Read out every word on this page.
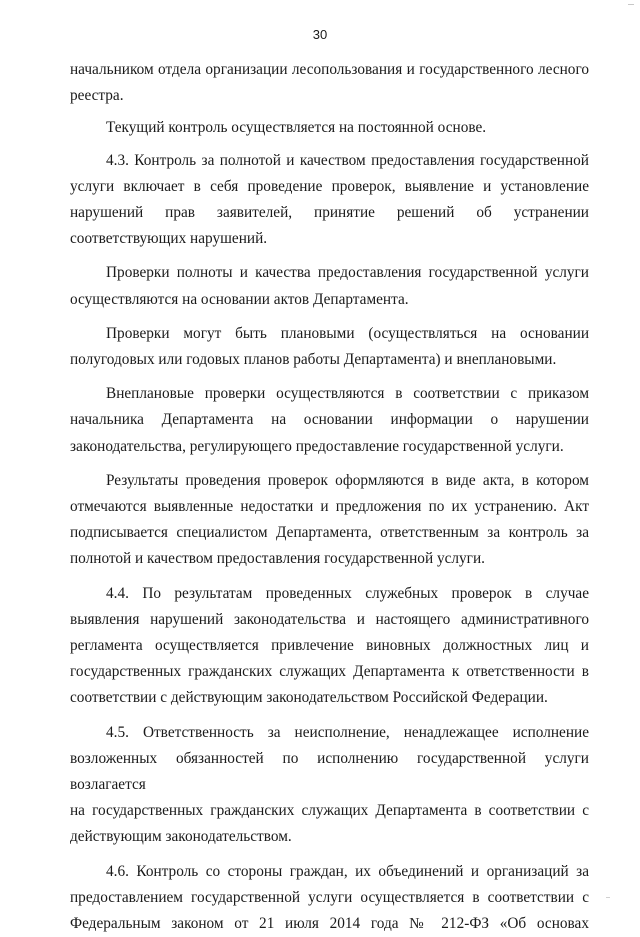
30
начальником отдела организации лесопользования и государственного лесного
реестра.
Текущий контроль осуществляется на постоянной основе.
4.3. Контроль за полнотой и качеством предоставления государственной
услуги включает в себя проведение проверок, выявление и установление
нарушений прав заявителей, принятие решений об устранении
соответствующих нарушений.
Проверки полноты и качества предоставления государственной услуги
осуществляются на основании актов Департамента.
Проверки могут быть плановыми (осуществляться на основании
полугодовых или годовых планов работы Департамента) и внеплановыми.
Внеплановые проверки осуществляются в соответствии с приказом
начальника Департамента на основании информации о нарушении
законодательства, регулирующего предоставление государственной услуги.
Результаты проведения проверок оформляются в виде акта, в котором
отмечаются выявленные недостатки и предложения по их устранению. Акт
подписывается специалистом Департамента, ответственным за контроль за
полнотой и качеством предоставления государственной услуги.
4.4. По результатам проведенных служебных проверок в случае
выявления нарушений законодательства и настоящего административного
регламента осуществляется привлечение виновных должностных лиц и
государственных гражданских служащих Департамента к ответственности в
соответствии с действующим законодательством Российской Федерации.
4.5. Ответственность за неисполнение, ненадлежащее исполнение
возложенных обязанностей по исполнению государственной услуги возлагается
на государственных гражданских служащих Департамента в соответствии с
действующим законодательством.
4.6. Контроль со стороны граждан, их объединений и организаций за
предоставлением государственной услуги осуществляется в соответствии с
Федеральным законом от 21 июля 2014 года № 212-ФЗ «Об основах
